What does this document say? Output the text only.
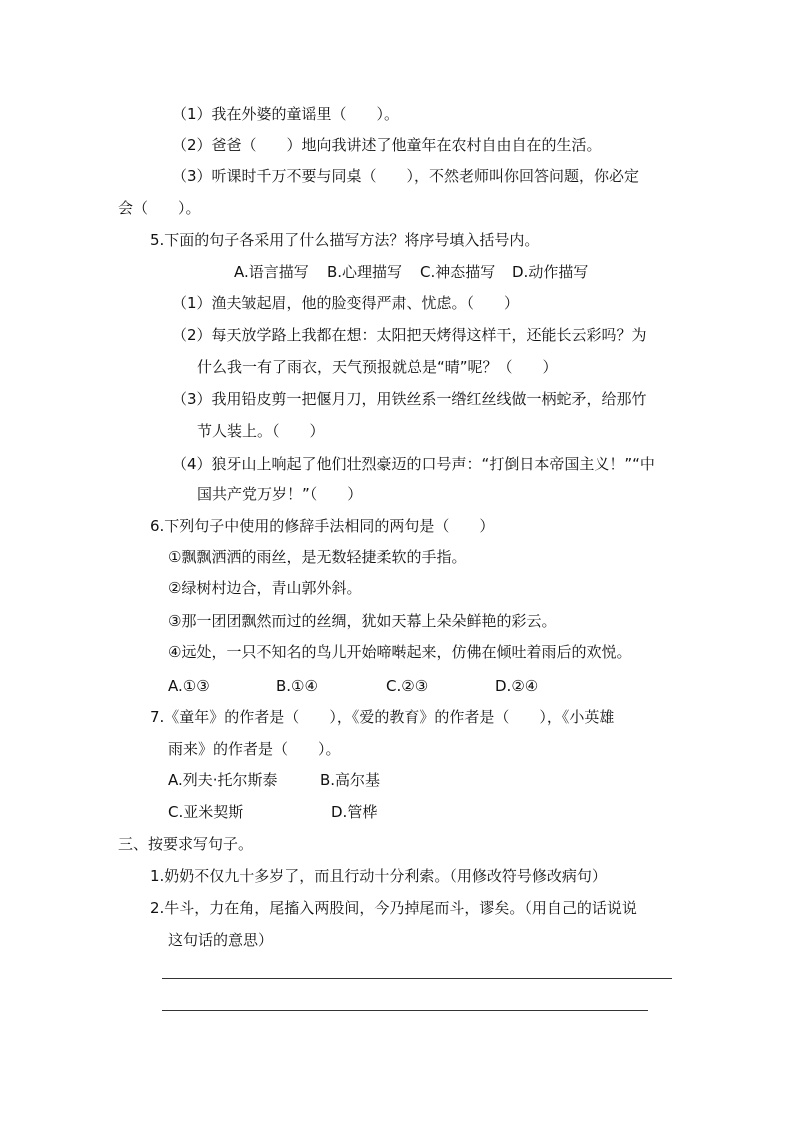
（1）我在外婆的童谣里（　　）。
（2）爸爸（　　）地向我讲述了他童年在农村自由自在的生活。
（3）听课时千万不要与同桌（　　），不然老师叫你回答问题，你必定
会（　　）。
5.下面的句子各采用了什么描写方法？将序号填入括号内。
A.语言描写 B.心理描写 C.神态描写 D.动作描写
（1）渔夫皱起眉，他的脸变得严肃、忧虑。（　　）
（2）每天放学路上我都在想：太阳把天烤得这样干，还能长云彩吗？为
什么我一有了雨衣，天气预报就总是“晴”呢？（　　）
（3）我用铅皮剪一把偃月刀，用铁丝系一绺红丝线做一柄蛇矛，给那竹
节人装上。（　　）
（4）狼牙山上响起了他们壮烈豪迈的口号声：“打倒日本帝国主义！”“中
国共产党万岁！”（　　）
6.下列句子中使用的修辞手法相同的两句是（　　）
①飘飘洒洒的雨丝，是无数轻捷柔软的手指。
②绿树村边合，青山郭外斜。
③那一团团飘然而过的丝绸，犹如天幕上朵朵鲜艳的彩云。
④远处，一只不知名的鸟儿开始啼啭起来，仿佛在倾吐着雨后的欢悦。
A.①③	B.①④	C.②③	D.②④
7.《童年》的作者是（　　），《爱的教育》的作者是（　　），《小英雄
雨来》的作者是（　　）。
A.列夫·托尔斯泰	B.高尔基
C.亚米契斯	D.管桦
三、按要求写句子。
1.奶奶不仅九十多岁了，而且行动十分利索。（用修改符号修改病句）
2.牛斗，力在角，尾搐入两股间，今乃掉尾而斗，谬矣。（用自己的话说说
这句话的意思）
